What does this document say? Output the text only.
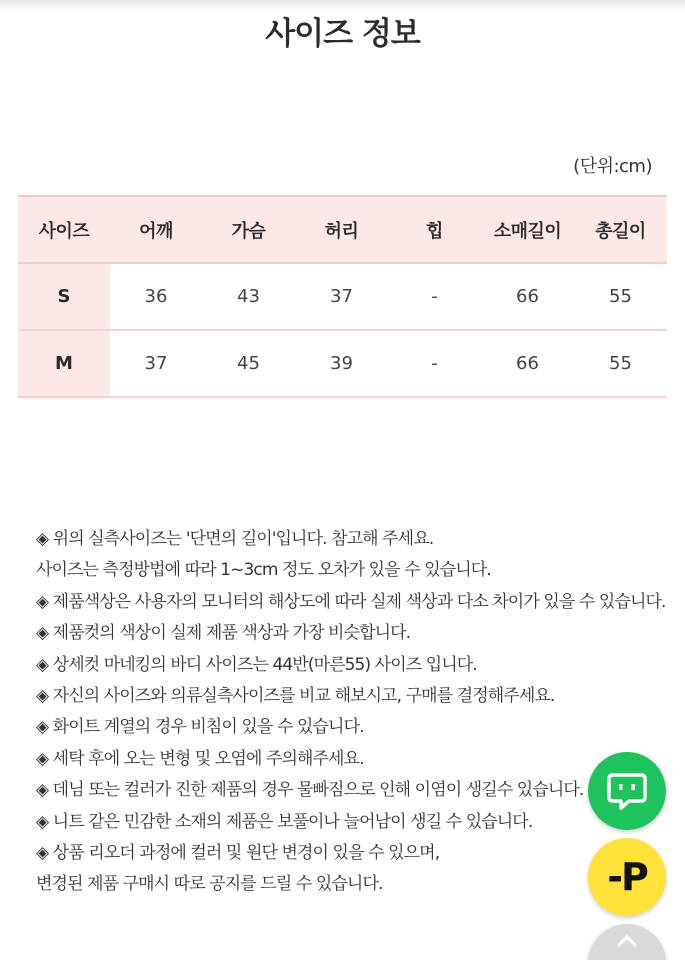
사이즈 정보
(단위:cm)
사이즈	어깨	가슴	허리	힙	소매길이	총길이
S	36	43	37	-	66	55
M	37	45	39	-	66	55
◈ 위의 실측사이즈는 '단면의 길이'입니다. 참고해 주세요.
사이즈는 측정방법에 따라 1~3cm 정도 오차가 있을 수 있습니다.
◈ 제품색상은 사용자의 모니터의 해상도에 따라 실제 색상과 다소 차이가 있을 수 있습니다.
◈ 제품컷의 색상이 실제 제품 색상과 가장 비슷합니다.
◈ 상세컷 마네킹의 바디 사이즈는 44반(마른55) 사이즈 입니다.
◈ 자신의 사이즈와 의류실측사이즈를 비교 해보시고, 구매를 결정해주세요.
◈ 화이트 계열의 경우 비침이 있을 수 있습니다.
◈ 세탁 후에 오는 변형 및 오염에 주의해주세요.
◈ 데님 또는 컬러가 진한 제품의 경우 물빠짐으로 인해 이염이 생길수 있습니다.
◈ 니트 같은 민감한 소재의 제품은 보풀이나 늘어남이 생길 수 있습니다.
◈ 상품 리오더 과정에 컬러 및 원단 변경이 있을 수 있으며,
변경된 제품 구매시 따로 공지를 드릴 수 있습니다.	-P
